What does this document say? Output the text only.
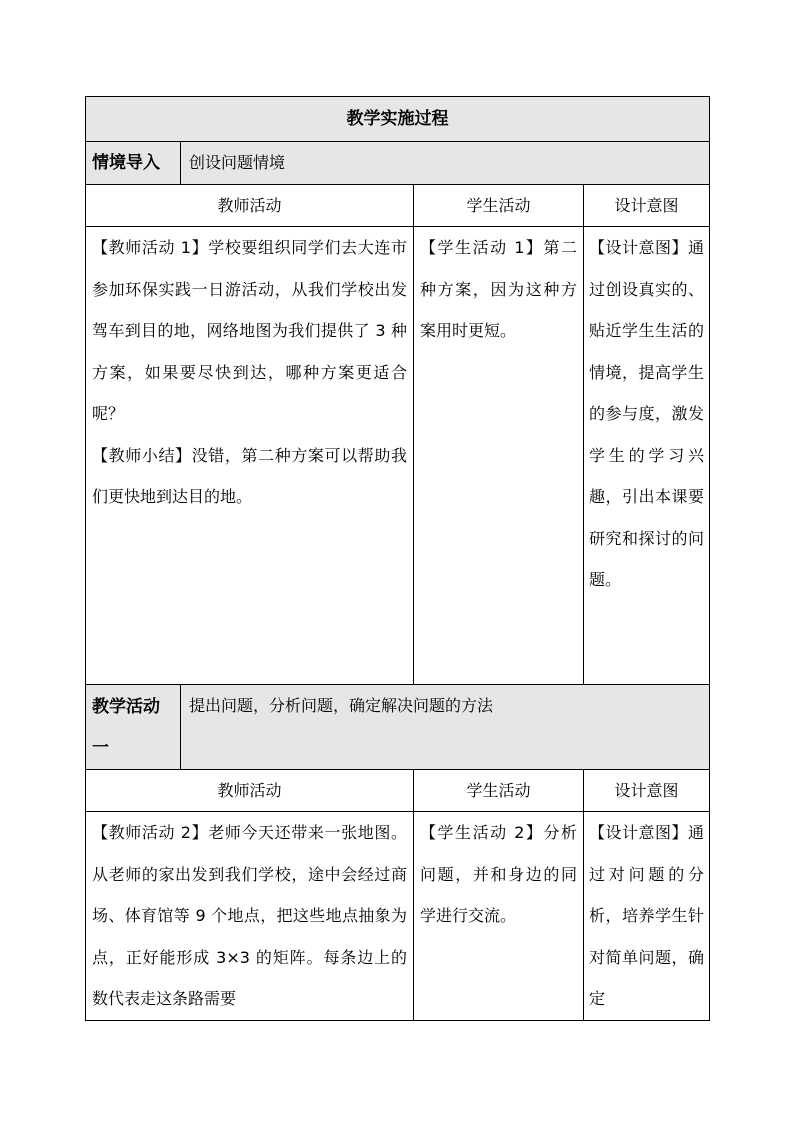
教学实施过程			
情境导入	创设问题情境		
教师活动		学生活动	设计意图

【教师活动 1】学校要组织同学们去大连市参加环保实践一日游活动，从我们学校出发驾车到目的地，网络地图为我们提供了 3 种方案，如果要尽快到达，哪种方案更适合呢？

【教师小结】没错，第二种方案可以帮助我们更快地到达目的地。		【学生活动 1】第二种方案，因为这种方案用时更短。	【设计意图】通过创设真实的、贴近学生生活的情境，提高学生的参与度，激发学生的学习兴趣，引出本课要研究和探讨的问题。

教学活动一	提出问题，分析问题，确定解决问题的方法		
教师活动		学生活动	设计意图

【教师活动 2】老师今天还带来一张地图。从老师的家出发到我们学校，途中会经过商场、体育馆等 9 个地点，把这些地点抽象为点，正好能形成 3×3 的矩阵。每条边上的数代表走这条路需要		【学生活动 2】分析问题，并和身边的同学进行交流。	【设计意图】通过对问题的分析，培养学生针对简单问题，确定
